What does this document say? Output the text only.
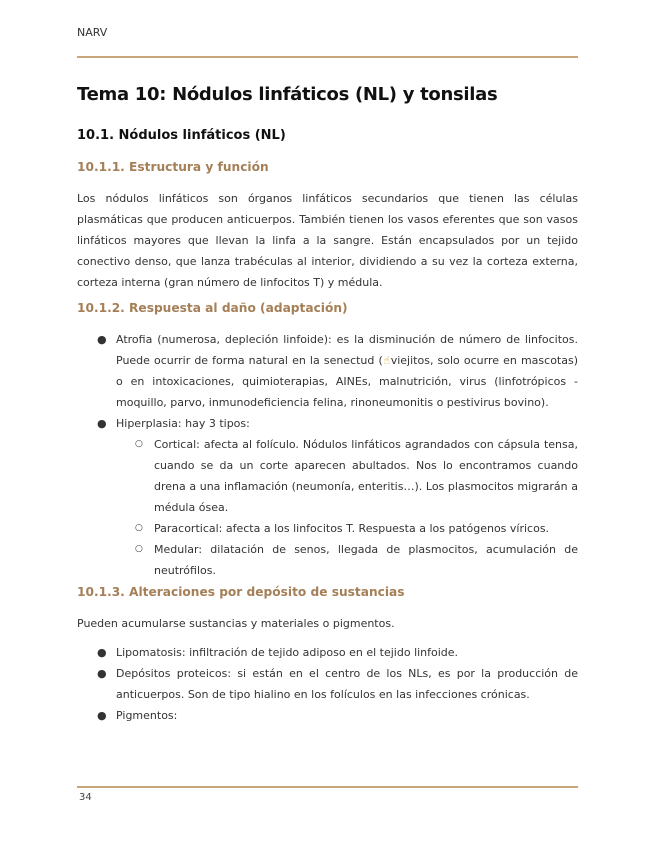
NARV
Tema 10: Nódulos linfáticos (NL) y tonsilas
10.1. Nódulos linfáticos (NL)
10.1.1. Estructura y función

Los nódulos linfáticos son órganos linfáticos secundarios que tienen las células plasmáticas que producen anticuerpos. También tienen los vasos eferentes que son vasos linfáticos mayores que llevan la linfa a la sangre. Están encapsulados por un tejido conectivo denso, que lanza trabéculas al interior, dividiendo a su vez la corteza externa, corteza interna (gran número de linfocitos T) y médula.

10.1.2. Respuesta al daño (adaptación)
● Atrofia (numerosa, depleción linfoide): es la disminución de número de linfocitos. Puede ocurrir de forma natural en la senectud (☝viejitos, solo ocurre en mascotas) o en intoxicaciones, quimioterapias, AINEs, malnutrición, virus (linfotrópicos - moquillo, parvo, inmunodeficiencia felina, rinoneumonitis o pestivirus bovino).
● Hiperplasia: hay 3 tipos:
○ Cortical: afecta al folículo. Nódulos linfáticos agrandados con cápsula tensa, cuando se da un corte aparecen abultados. Nos lo encontramos cuando drena a una inflamación (neumonía, enteritis…). Los plasmocitos migrarán a médula ósea.
○ Paracortical: afecta a los linfocitos T. Respuesta a los patógenos víricos.
○ Medular: dilatación de senos, llegada de plasmocitos, acumulación de neutrófilos.
10.1.3. Alteraciones por depósito de sustancias

Pueden acumularse sustancias y materiales o pigmentos.

● Lipomatosis: infiltración de tejido adiposo en el tejido linfoide.
● Depósitos proteicos: si están en el centro de los NLs, es por la producción de anticuerpos. Son de tipo hialino en los folículos en las infecciones crónicas.
● Pigmentos:
34
